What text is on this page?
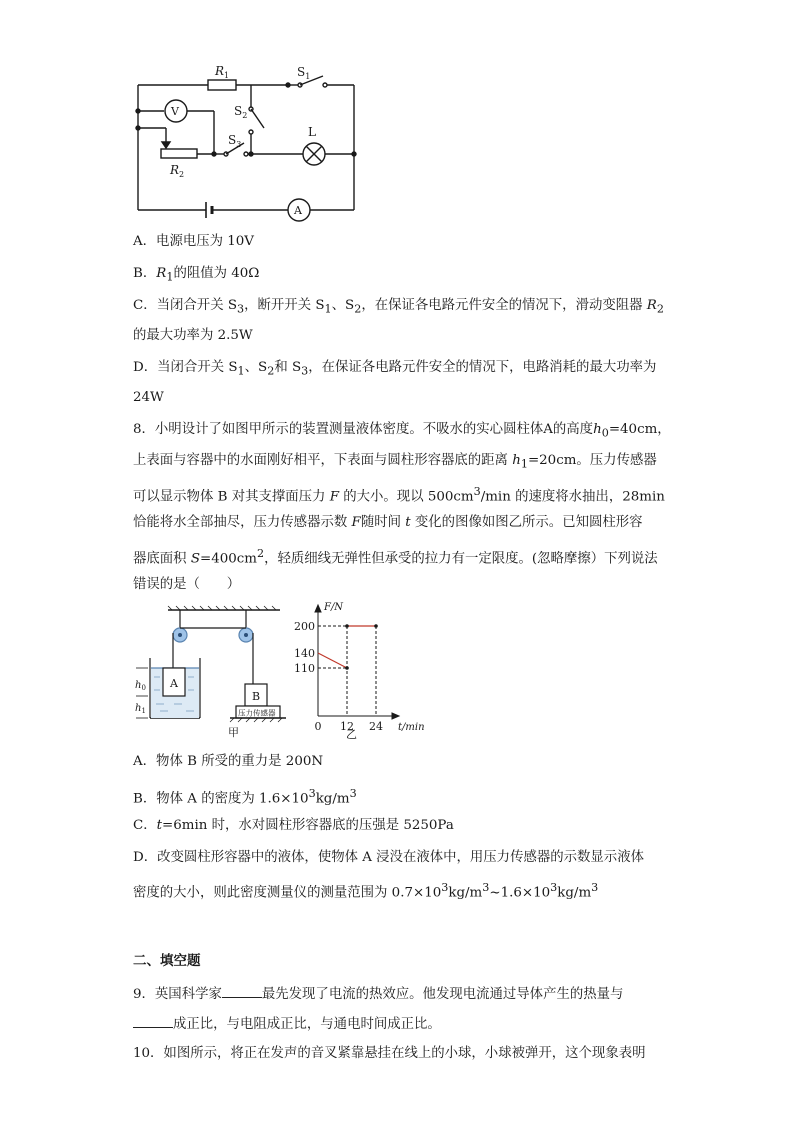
$R_1$	$S_1$
$S_2$
$S_3$
L
V
A
$R_2$
A．电源电压为 10V
B．$R_1$的阻值为 40Ω
C．当闭合开关 $S_3$，断开开关 $S_1$、$S_2$，在保证各电路元件安全的情况下，滑动变阻器 $R_2$
的最大功率为 2.5W
D．当闭合开关 $S_1$、$S_2$和 $S_3$，在保证各电路元件安全的情况下，电路消耗的最大功率为
24W
8．小明设计了如图甲所示的装置测量液体密度。不吸水的实心圆柱体A的高度$h_0=40cm$，
上表面与容器中的水面刚好相平，下表面与圆柱形容器底的距离 $h_1=20cm$。压力传感器
可以显示物体 B 对其支撑面压力 F 的大小。现以 $500cm^3/\min$ 的速度将水抽出，28min
恰能将水全部抽尽，压力传感器示数 F随时间 t 变化的图像如图乙所示。已知圆柱形容
器底面积 $S=400cm^2$，轻质细线无弹性但承受的拉力有一定限度。(忽略摩擦）下列说法
错误的是（　　）
A
$h_0$
$h_1$
B
压力传感器
甲
200
140
110
0 12 24
F/N
t/min
乙
A．物体 B 所受的重力是 200N
B．物体 A 的密度为 $1.6\times 10^3kg/m^3$
C．t=6min 时，水对圆柱形容器底的压强是 5250Pa
D．改变圆柱形容器中的液体，使物体 A 浸没在液体中，用压力传感器的示数显示液体
密度的大小，则此密度测量仪的测量范围为 $0.7\times 10^3kg/m^3\sim 1.6\times 10^3kg/m^3$
二、填空题
9．英国科学家	最先发现了电流的热效应。他发现电流通过导体产生的热量与
成正比，与电阻成正比，与通电时间成正比。
10．如图所示，将正在发声的音叉紧靠悬挂在线上的小球，小球被弹开，这个现象表明
